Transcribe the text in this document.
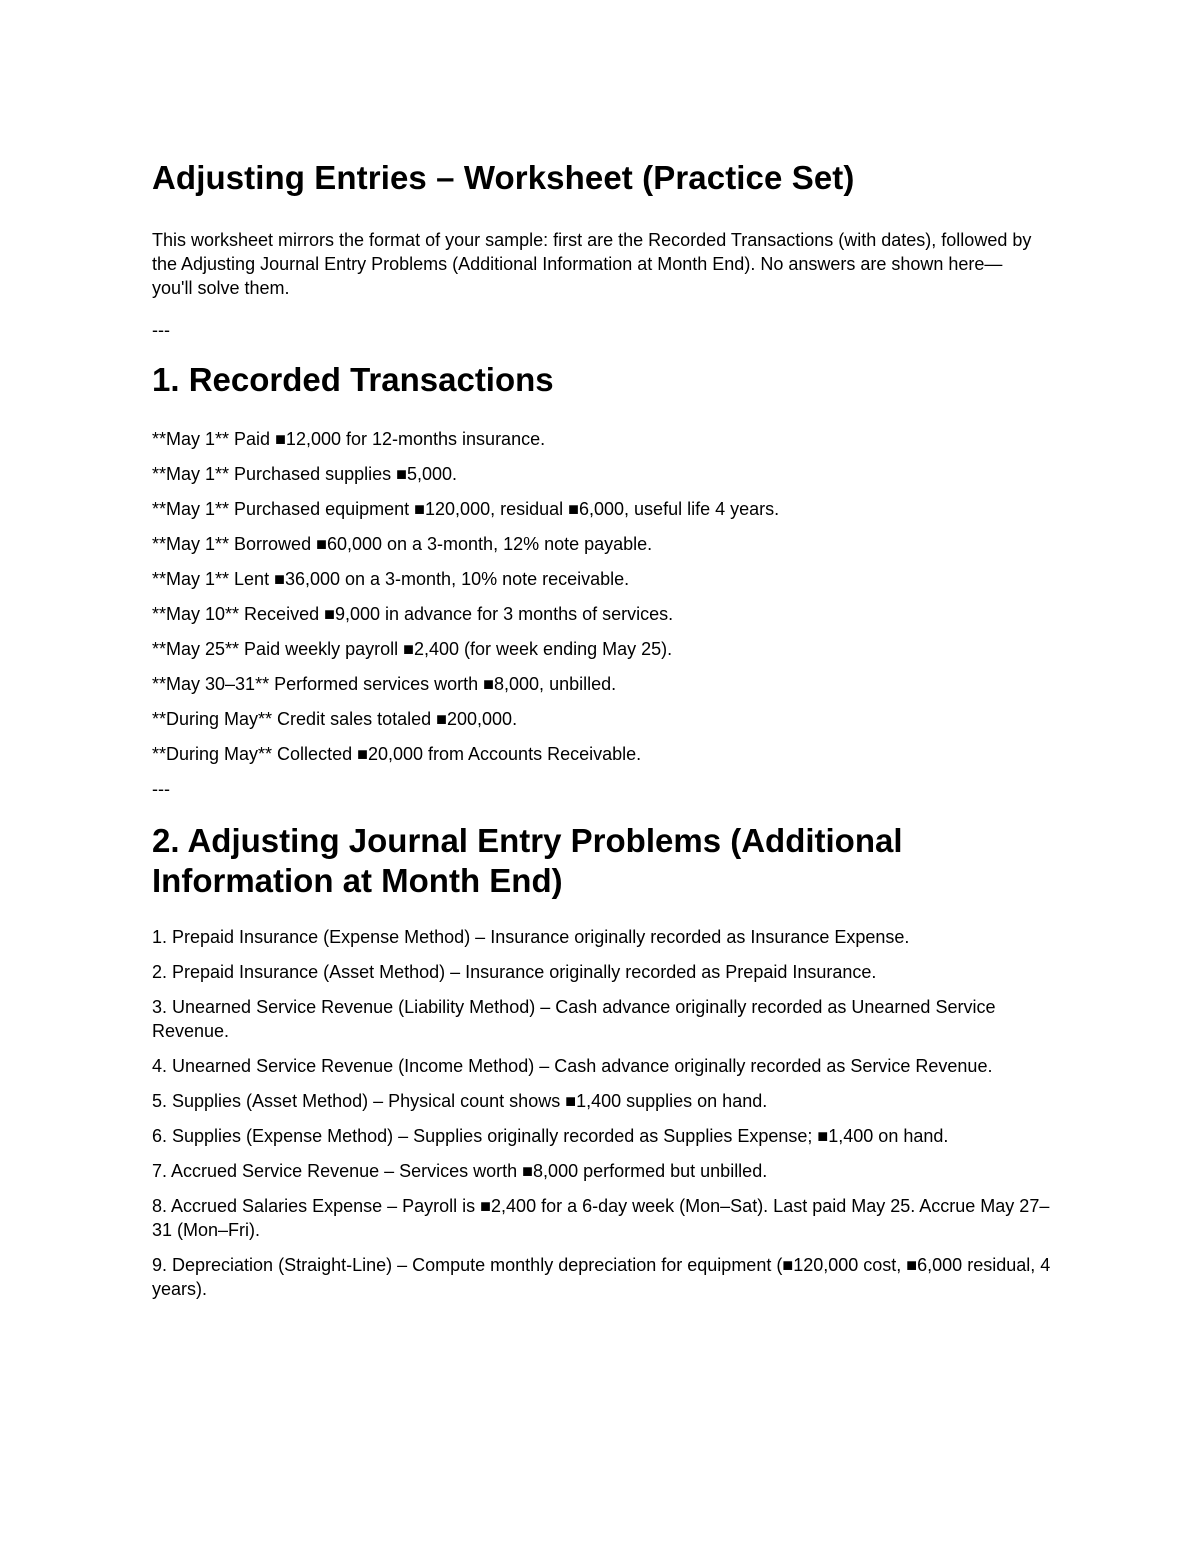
Adjusting Entries – Worksheet (Practice Set)

This worksheet mirrors the format of your sample: first are the Recorded Transactions (with dates), followed by the Adjusting Journal Entry Problems (Additional Information at Month End). No answers are shown here—you'll solve them.

---

1. Recorded Transactions
**May 1** Paid ■12,000 for 12-months insurance.
**May 1** Purchased supplies ■5,000.
**May 1** Purchased equipment ■120,000, residual ■6,000, useful life 4 years.
**May 1** Borrowed ■60,000 on a 3-month, 12% note payable.
**May 1** Lent ■36,000 on a 3-month, 10% note receivable.
**May 10** Received ■9,000 in advance for 3 months of services.
**May 25** Paid weekly payroll ■2,400 (for week ending May 25).
**May 30–31** Performed services worth ■8,000, unbilled.
**During May** Credit sales totaled ■200,000.
**During May** Collected ■20,000 from Accounts Receivable.

---

2. Adjusting Journal Entry Problems (Additional Information at Month End)
1. Prepaid Insurance (Expense Method) – Insurance originally recorded as Insurance Expense.
2. Prepaid Insurance (Asset Method) – Insurance originally recorded as Prepaid Insurance.
3. Unearned Service Revenue (Liability Method) – Cash advance originally recorded as Unearned Service Revenue.
4. Unearned Service Revenue (Income Method) – Cash advance originally recorded as Service Revenue.
5. Supplies (Asset Method) – Physical count shows ■1,400 supplies on hand.
6. Supplies (Expense Method) – Supplies originally recorded as Supplies Expense; ■1,400 on hand.
7. Accrued Service Revenue – Services worth ■8,000 performed but unbilled.
8. Accrued Salaries Expense – Payroll is ■2,400 for a 6-day week (Mon–Sat). Last paid May 25. Accrue May 27–31 (Mon–Fri).
9. Depreciation (Straight-Line) – Compute monthly depreciation for equipment (■120,000 cost, ■6,000 residual, 4 years).
